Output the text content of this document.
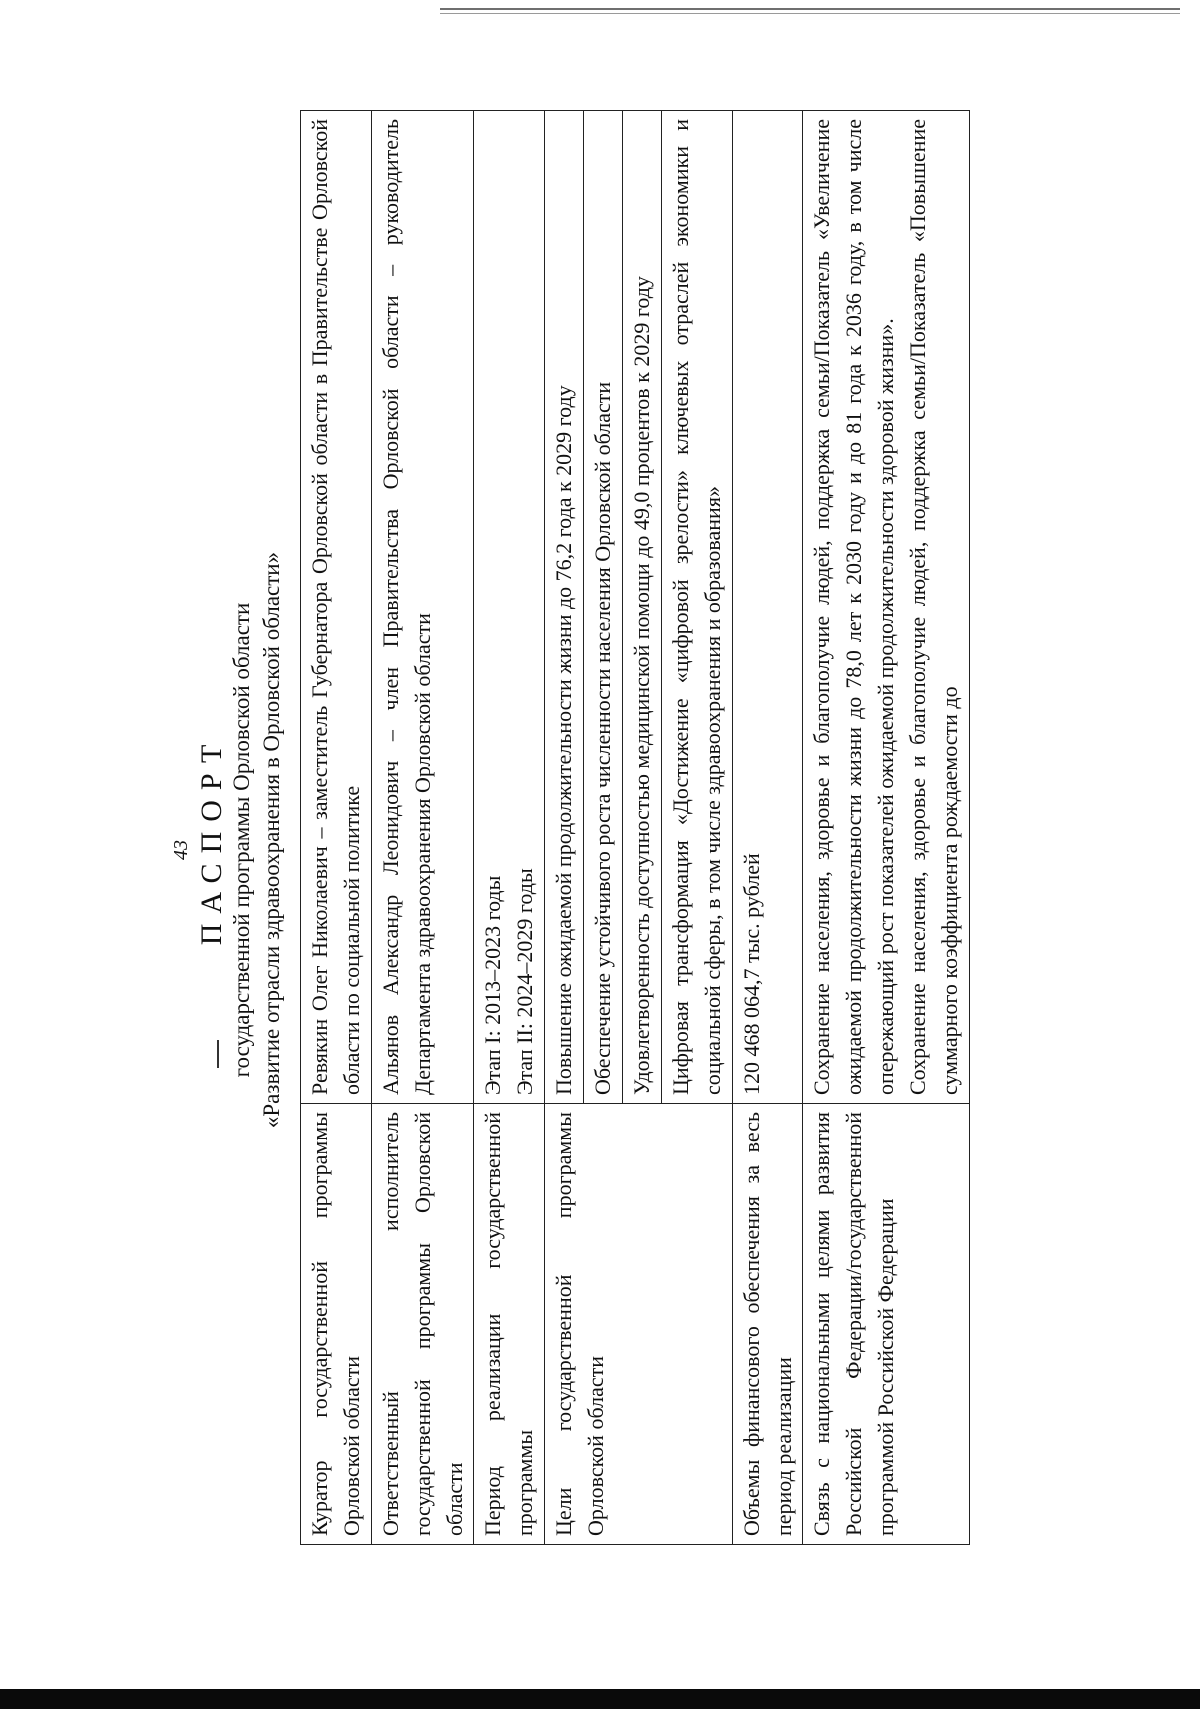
43 ПАСПОРТ государственной программы Орловской области «Развитие отрасли здравоохранения в Орловской области»
Куратор государственной программы Орловской области	Ревякин Олег Николаевич – заместитель Губернатора Орловской области в Правительстве Орловской области по социальной политике
Ответственный исполнитель государственной программы Орловской области	Альянов Александр Леонидович – член Правительства Орловской области – руководитель Департамента здравоохранения Орловской области
Период реализации государственной программы	Этап I: 2013–2023 годы Этап II: 2024–2029 годы

Цели государственной программы Орловской области	Повышение ожидаемой продолжительности жизни до 76,2 года к 2029 году
	Обеспечение устойчивого роста численности населения Орловской области
	Удовлетворенность доступностью медицинской помощи до 49,0 процентов к 2029 году
	Цифровая трансформация «Достижение «цифровой зрелости» ключевых отраслей экономики и социальной сферы, в том числе здравоохранения и образования»
Объемы финансового обеспечения за весь период реализации	120 468 064,7 тыс. рублей
Связь с национальными целями развития Российской Федерации/государственной программой Российской Федерации	Сохранение населения, здоровье и благополучие людей, поддержка семьи/Показатель «Увеличение ожидаемой продолжительности жизни до 78,0 лет к 2030 году и до 81 года к 2036 году, в том числе опережающий рост показателей ожидаемой продолжительности здоровой жизни». Сохранение населения, здоровье и благополучие людей, поддержка семьи/Показатель «Повышение суммарного коэффициента рождаемости до
